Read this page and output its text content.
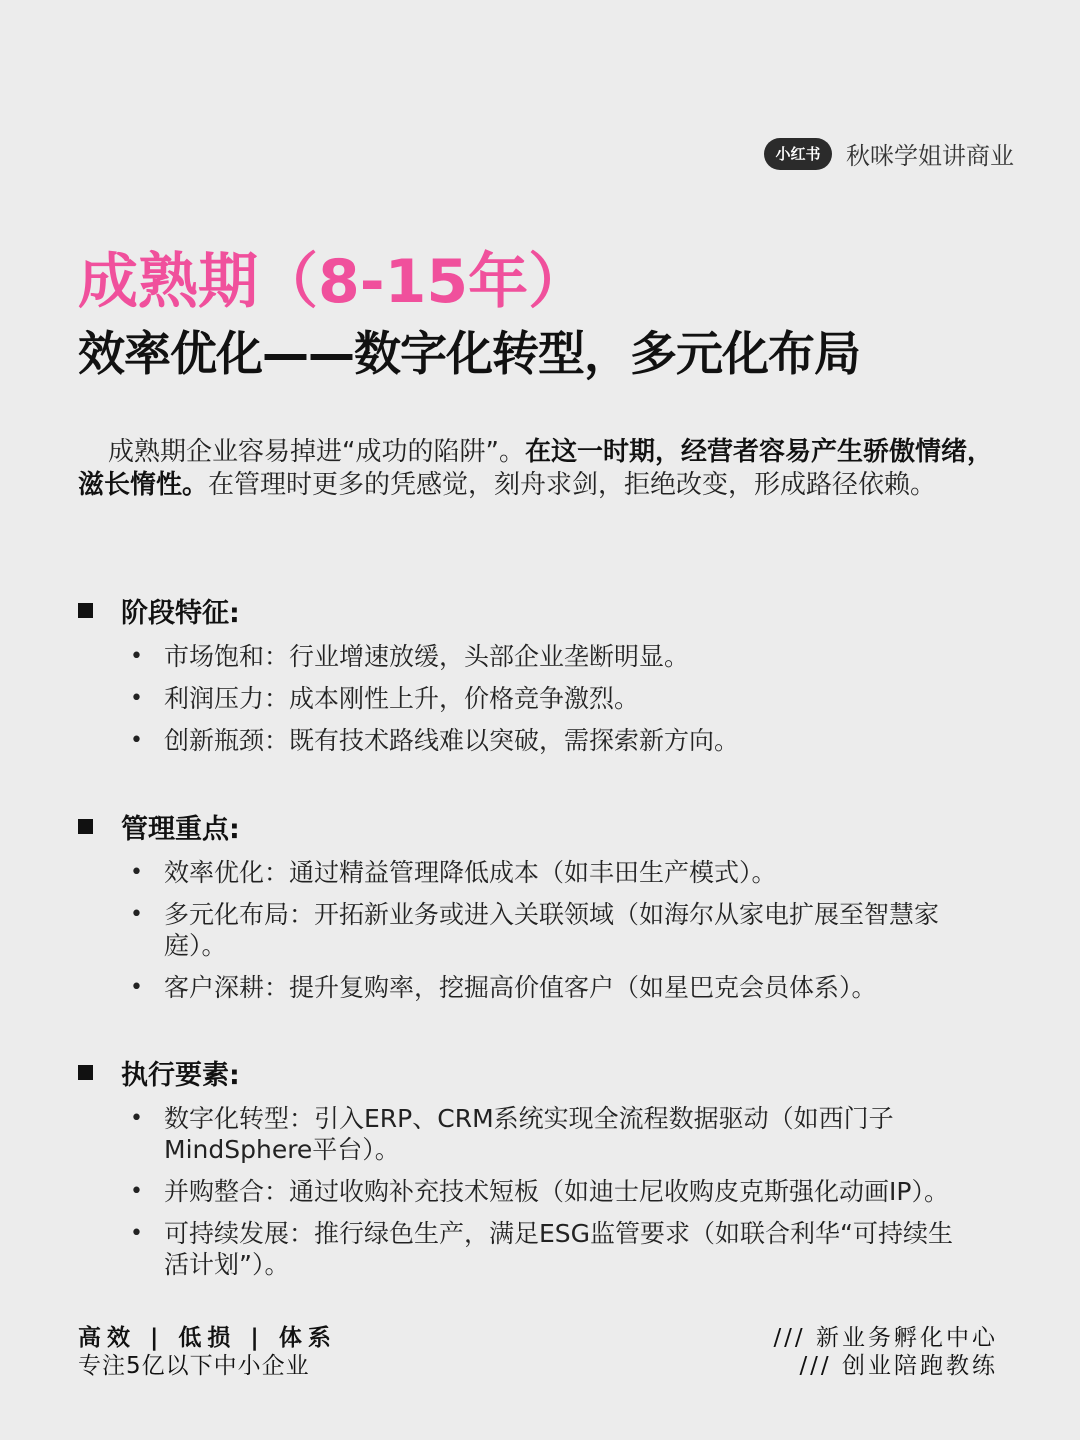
小红书	秋咪学姐讲商业
成熟期（8-15年）
效率优化——数字化转型，多元化布局
成熟期企业容易掉进“成功的陷阱”。在这一时期，经营者容易产生骄傲情绪，滋长惰性。在管理时更多的凭感觉，刻舟求剑，拒绝改变，形成路径依赖。
阶段特征:
• 市场饱和：行业增速放缓，头部企业垄断明显。
• 利润压力：成本刚性上升，价格竞争激烈。
• 创新瓶颈：既有技术路线难以突破，需探索新方向。
管理重点:
• 效率优化：通过精益管理降低成本（如丰田生产模式）。
• 多元化布局：开拓新业务或进入关联领域（如海尔从家电扩展至智慧家庭）。
• 客户深耕：提升复购率，挖掘高价值客户（如星巴克会员体系）。
执行要素:
• 数字化转型：引入ERP、CRM系统实现全流程数据驱动（如西门子MindSphere平台）。
• 并购整合：通过收购补充技术短板（如迪士尼收购皮克斯强化动画IP）。
• 可持续发展：推行绿色生产，满足ESG监管要求（如联合利华“可持续生活计划”）。
高效 | 低损 | 体系
专注5亿以下中小企业
/// 新业务孵化中心
/// 创业陪跑教练
